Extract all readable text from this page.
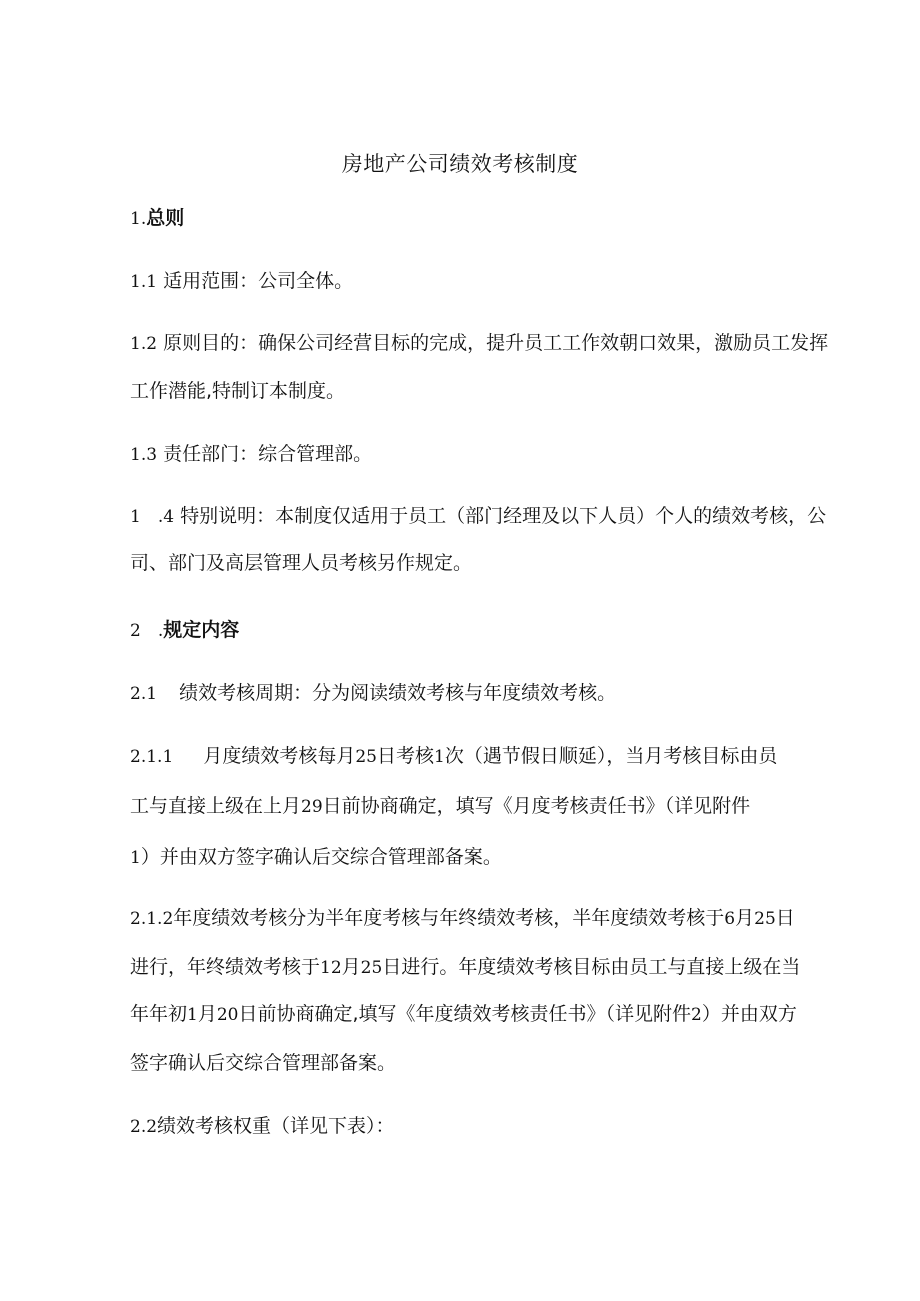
房地产公司绩效考核制度
1.总则
1.1 适用范围：公司全体。
1.2 原则目的：确保公司经营目标的完成，提升员工工作效朝口效果，激励员工发挥
工作潜能,特制订本制度。
1.3 责任部门：综合管理部。
1　.4 特别说明：本制度仅适用于员工（部门经理及以下人员）个人的绩效考核，公
司、部门及高层管理人员考核另作规定。
2　.规定内容
2.1 绩效考核周期：分为阅读绩效考核与年度绩效考核。
2.1.1 月度绩效考核每月25日考核1次（遇节假日顺延），当月考核目标由员
工与直接上级在上月29日前协商确定，填写《月度考核责任书》（详见附件
1）并由双方签字确认后交综合管理部备案。
2.1.2年度绩效考核分为半年度考核与年终绩效考核，半年度绩效考核于6月25日
进行，年终绩效考核于12月25日进行。年度绩效考核目标由员工与直接上级在当
年年初1月20日前协商确定,填写《年度绩效考核责任书》（详见附件2）并由双方
签字确认后交综合管理部备案。
2.2绩效考核权重（详见下表）：
